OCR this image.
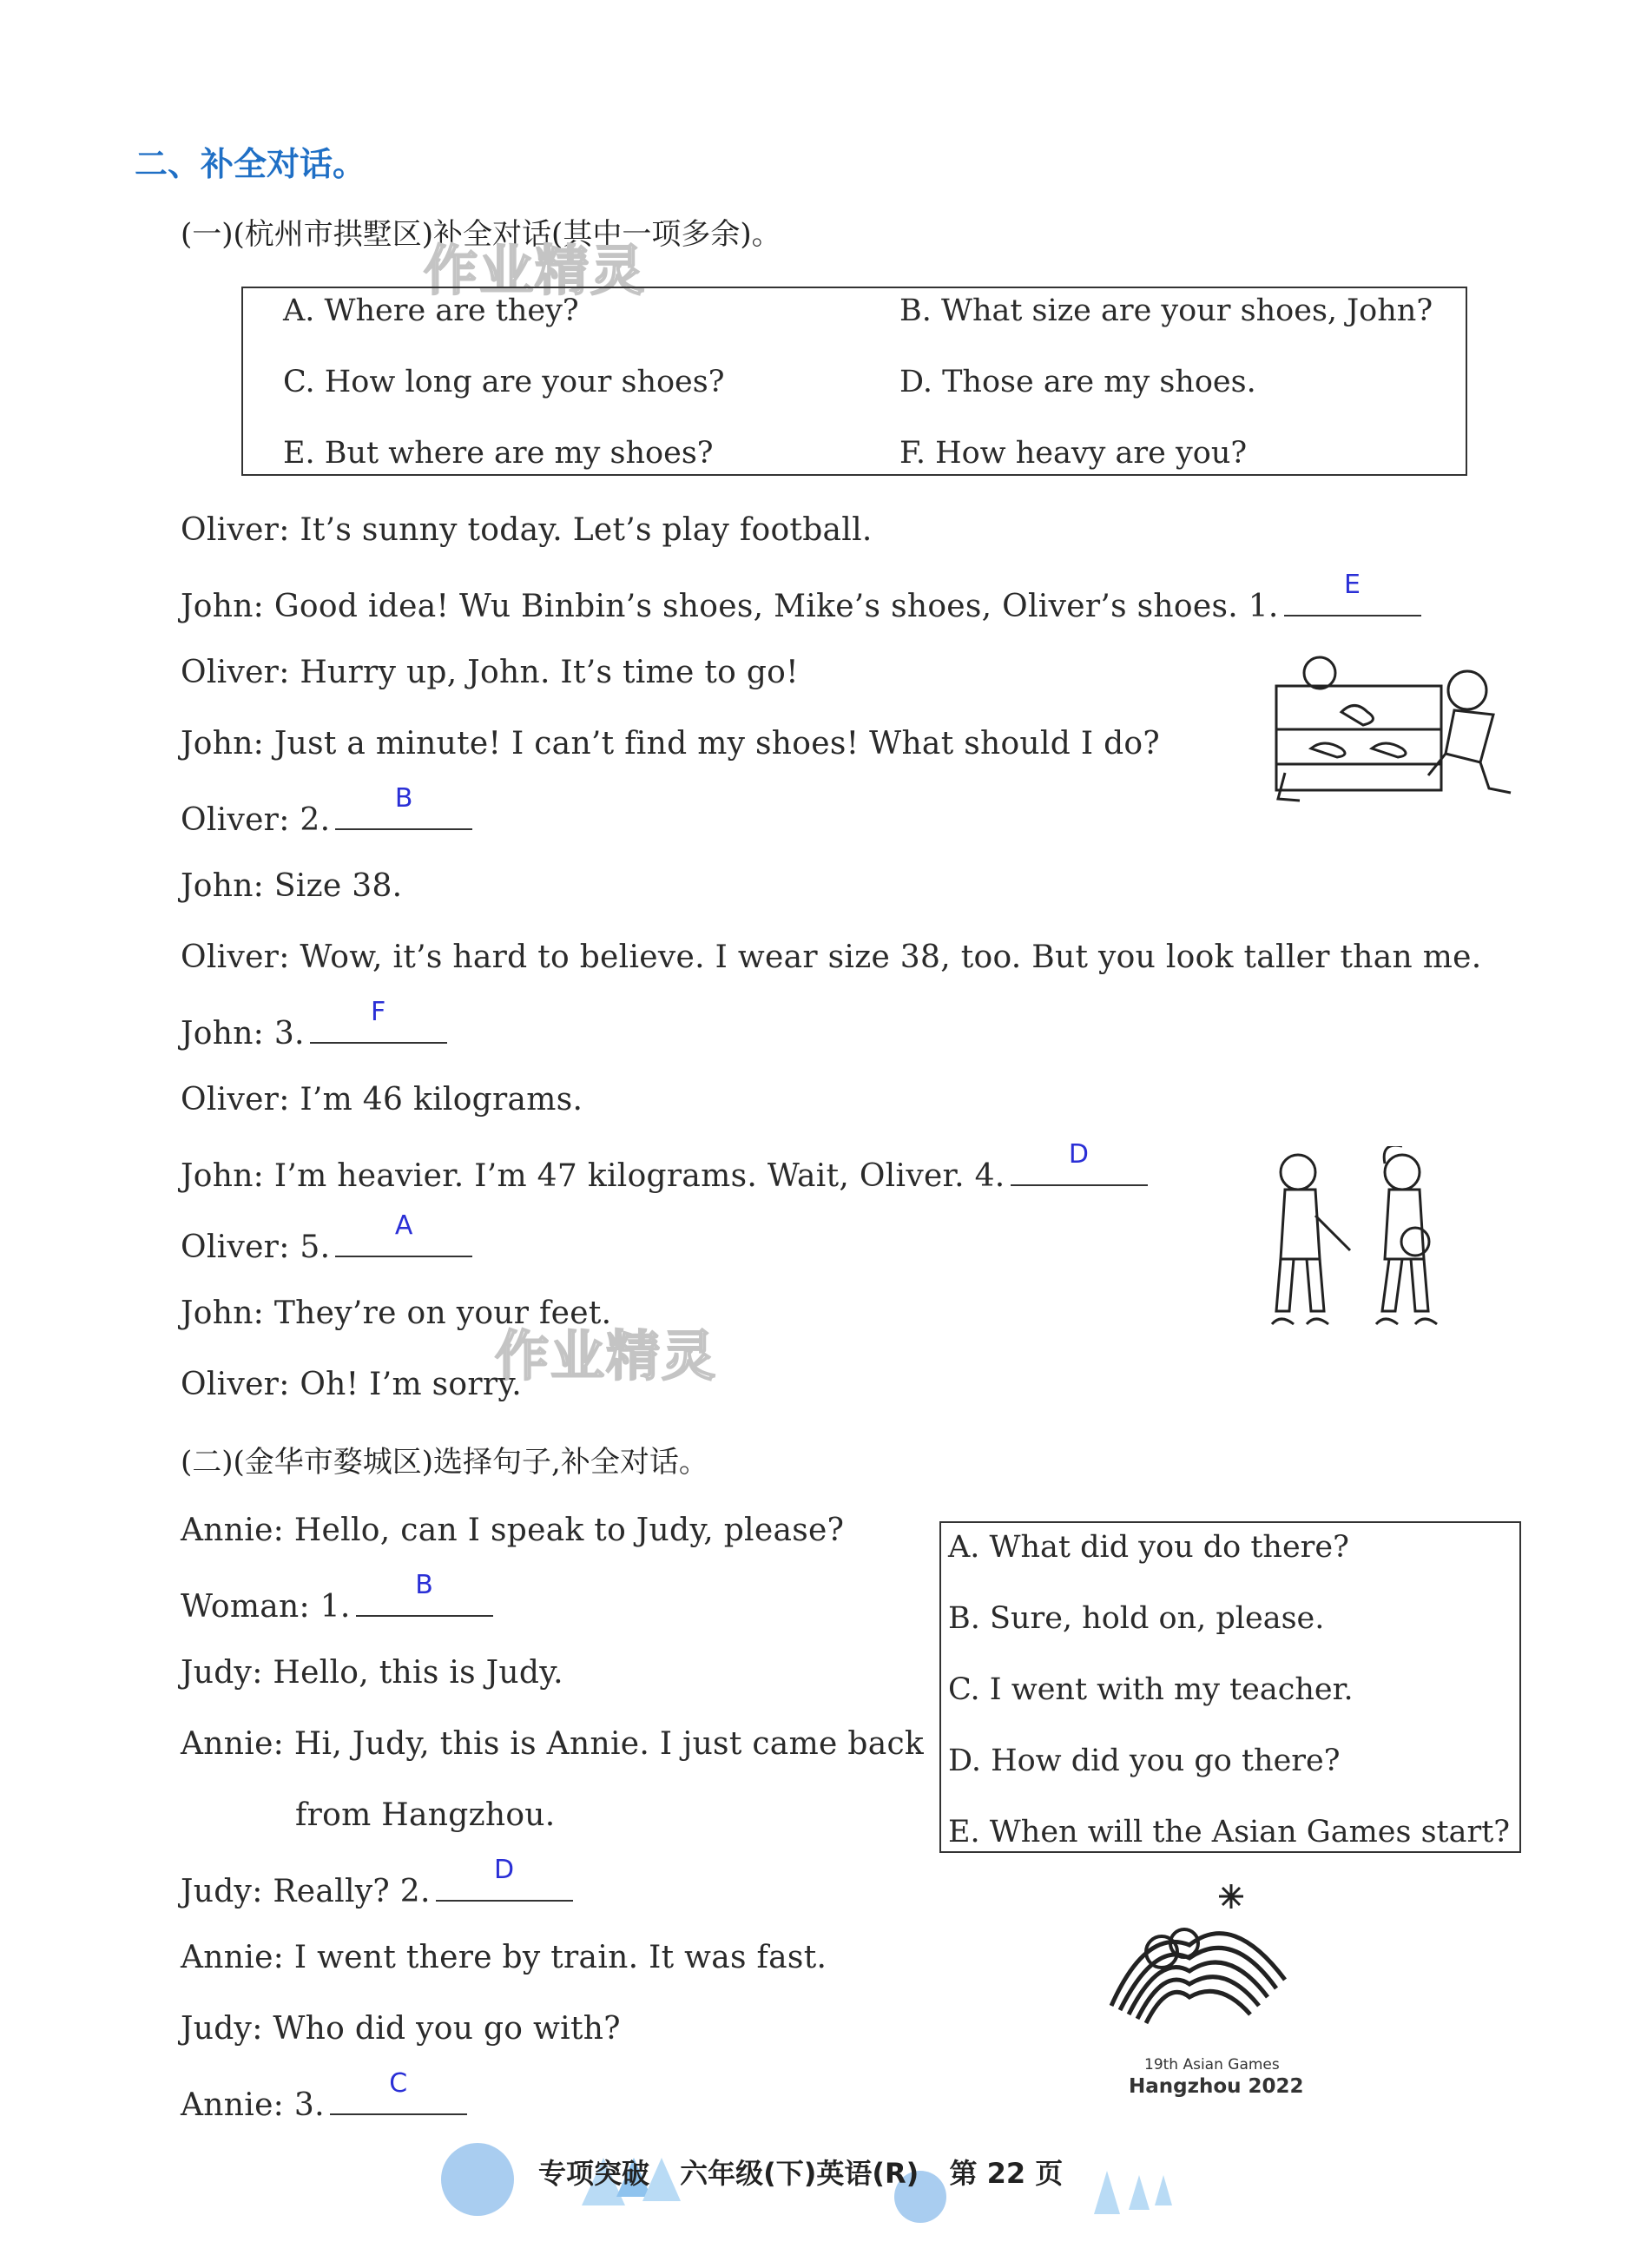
二、补全对话。
(一)(杭州市拱墅区)补全对话(其中一项多余)。
作业精灵
A. Where are they?	B. What size are your shoes, John?
C. How long are your shoes?	D. Those are my shoes.
E. But where are my shoes?	F. How heavy are you?
Oliver: It’s sunny today. Let’s play football.
John: Good idea! Wu Binbin’s shoes, Mike’s shoes, Oliver’s shoes. 1.
E
Oliver: Hurry up, John. It’s time to go!
John: Just a minute! I can’t find my shoes! What should I do?
Oliver: 2.
B
John: Size 38.
Oliver: Wow, it’s hard to believe. I wear size 38, too. But you look taller than me.
John: 3.
F
Oliver: I’m 46 kilograms.
John: I’m heavier. I’m 47 kilograms. Wait, Oliver. 4.
D
Oliver: 5.
A
John: They’re on your feet.
作业精灵
Oliver: Oh! I’m sorry.
(二)(金华市婺城区)选择句子,补全对话。
A. What did you do there?
B. Sure, hold on, please.
C. I went with my teacher.
D. How did you go there?
E. When will the Asian Games start?
Annie: Hello, can I speak to Judy, please?
Woman: 1.
B
Judy: Hello, this is Judy.
Annie: Hi, Judy, this is Annie. I just came back
from Hangzhou.
Judy: Really? 2.
D
Annie: I went there by train. It was fast.
Judy: Who did you go with?
Annie: 3.
C
19th Asian Games
Hangzhou 2022
专项突破 六年级(下)英语(R) 第 22 页
